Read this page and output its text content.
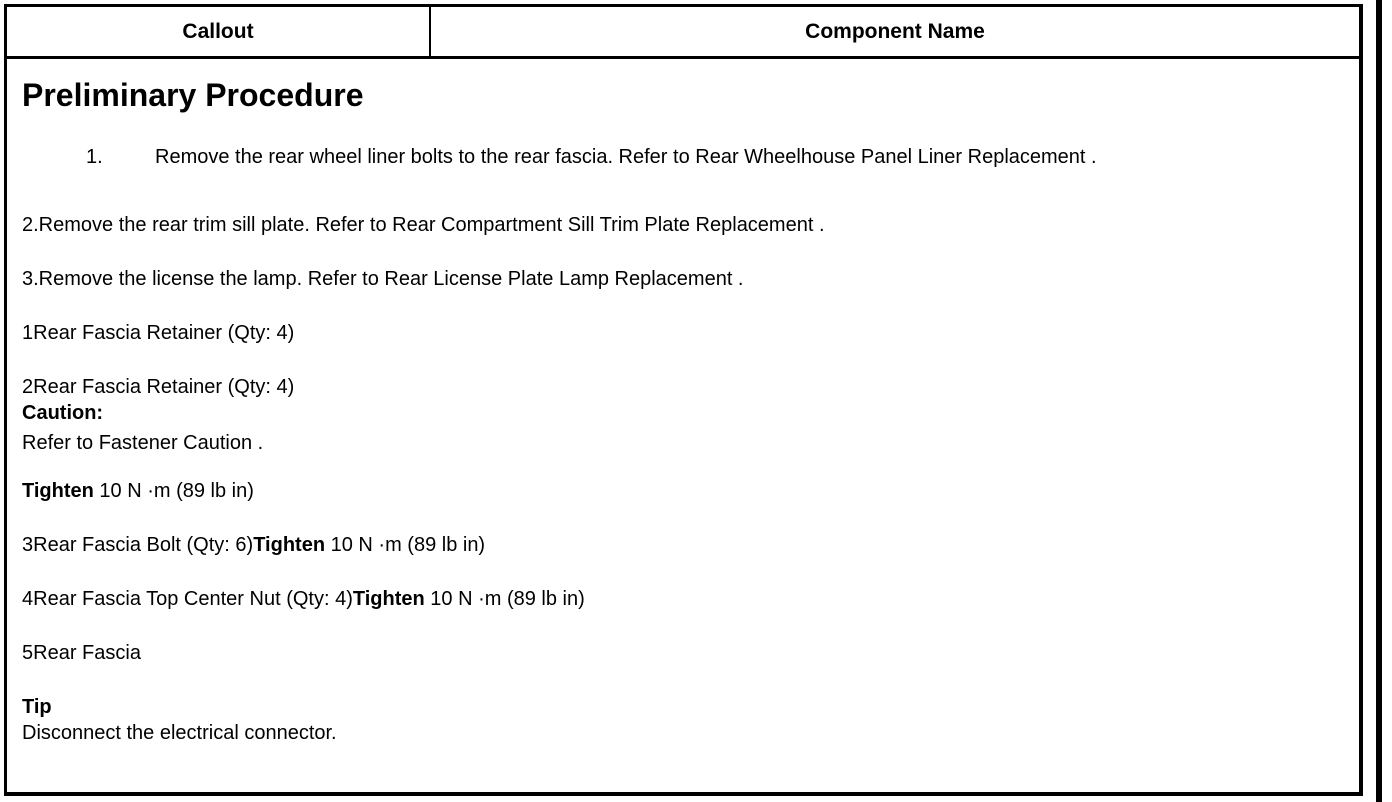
Callout	Component Name
Preliminary Procedure
1.	Remove the rear wheel liner bolts to the rear fascia. Refer to Rear Wheelhouse Panel Liner Replacement .
2.Remove the rear trim sill plate. Refer to Rear Compartment Sill Trim Plate Replacement .
3.Remove the license the lamp. Refer to Rear License Plate Lamp Replacement .
1Rear Fascia Retainer (Qty: 4)
2Rear Fascia Retainer (Qty: 4)
Caution:
Refer to Fastener Caution .
Tighten 10 N ·m (89 lb in)
3Rear Fascia Bolt (Qty: 6)Tighten 10 N ·m (89 lb in)
4Rear Fascia Top Center Nut (Qty: 4)Tighten 10 N ·m (89 lb in)
5Rear Fascia
Tip
Disconnect the electrical connector.
